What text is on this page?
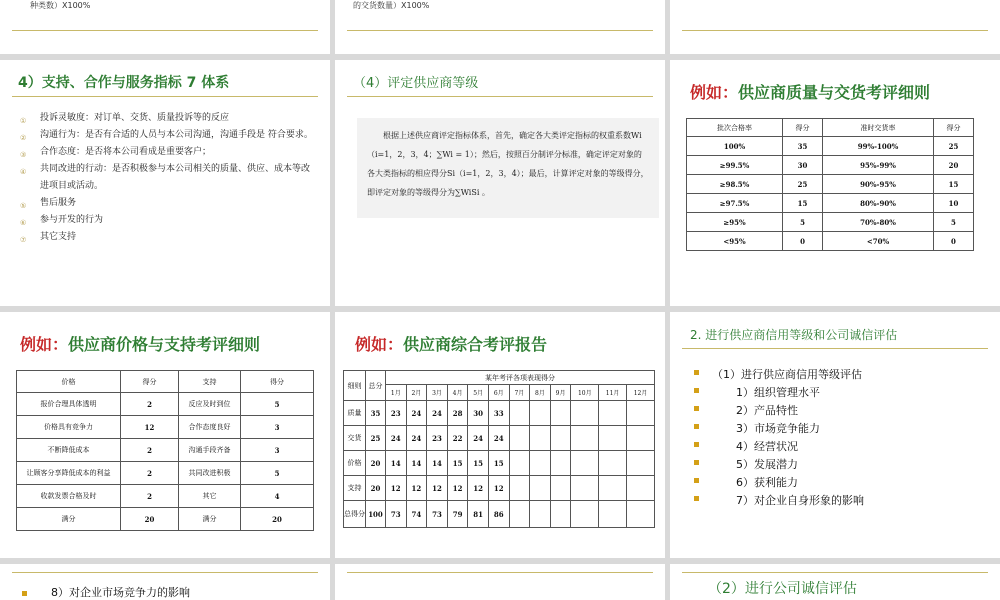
种类数）X100%	的交货数量）X100%
4）支持、合作与服务指标 7 体系
① 投诉灵敏度：对订单、交货、质量投诉等的反应
② 沟通行为：是否有合适的人员与本公司沟通，沟通手段是 符合要求。
③ 合作态度：是否将本公司看成是重要客户；
④ 共同改进的行动：是否积极参与本公司相关的质量、供应、成本等改进项目或活动。
⑤ 售后服务
⑥ 参与开发的行为
⑦ 其它支持
（4）评定供应商等级
根据上述供应商评定指标体系，首先，确定各大类评定指标的权重系数Wi（i=1，2，3，4；∑Wi = 1）；然后，按照百分制评分标准，确定评定对象的各大类指标的相应得分Si（i=1，2，3，4）；最后，计算评定对象的等级得分，即评定对象的等级得分为∑WiSi 。
例如：供应商质量与交货考评细则
批次合格率	得分	准时交货率	得分
100%	35	99%-100%	25
≥99.5%	30	95%-99%	20
≥98.5%	25	90%-95%	15
≥97.5%	15	80%-90%	10
≥95%	5	70%-80%	5
<95%	0	<70%	0
例如：供应商价格与支持考评细则
价格	得分	支持	得分
报价合理具体透明	2	反应及时到位	5
价格具有竞争力	12	合作态度良好	3
不断降低成本	2	沟通手段齐备	3
让顾客分享降低成本的利益	2	共同改进积极	5
收款发票合格及时	2	其它	4
满分	20	满分	20
例如：供应商综合考评报告
细则	总分	某年考评各项表现得分											
		1月	2月	3月	4月	5月	6月	7月	8月	9月	10月	11月	12月
质量	35	23	24	24	28	30	33						
交货	25	24	24	23	22	24	24						
价格	20	14	14	14	15	15	15						
支持	20	12	12	12	12	12	12						
总得分	100	73	74	73	79	81	86						
2. 进行供应商信用等级和公司诚信评估
（1）进行供应商信用等级评估
1）组织管理水平
2）产品特性
3）市场竞争能力
4）经营状况
5）发展潜力
6）获利能力
7）对企业自身形象的影响
8）对企业市场竞争力的影响	（2）进行公司诚信评估
